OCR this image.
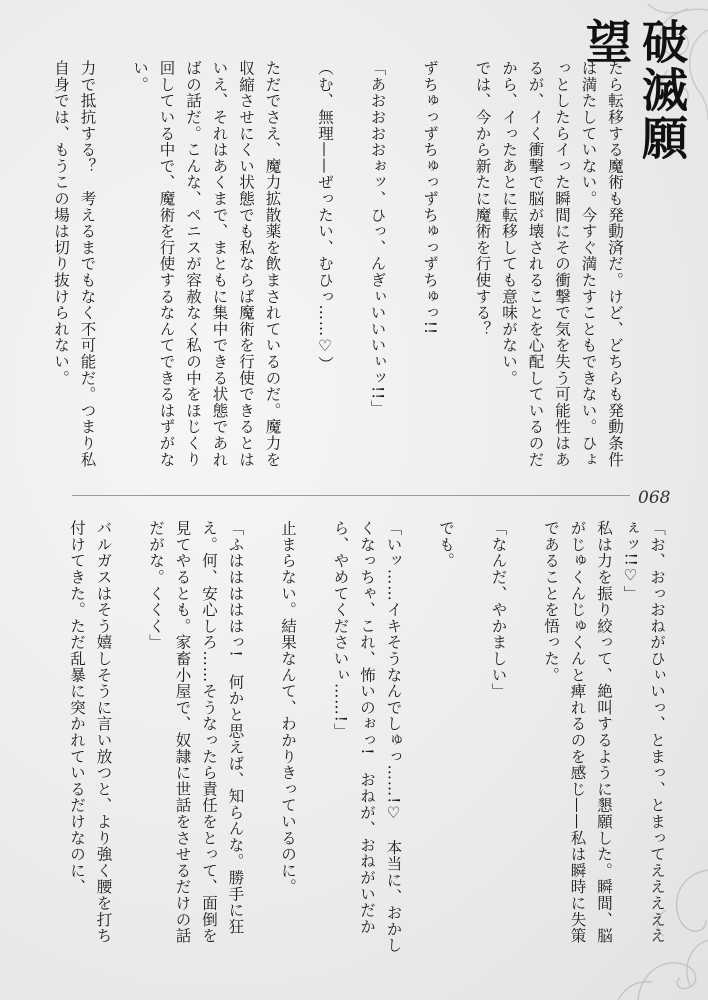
破滅願望

たら転移する魔術も発動済だ。けど、どちらも発動条件は満たしていない。今すぐ満たすこともできない。ひょっとしたらイった瞬間にその衝撃で気を失う可能性はあるが、イく衝撃で脳が壊されることを心配しているのだから、イったあとに転移しても意味がない。

では、今から新たに魔術を行使する？

ずちゅっずちゅっずちゅっずちゅっ!!

「あおおおおぉッ、ひっ、んぎぃいいいぃッ!!」

（む、無理——ぜったい、むひっ……♡）

ただでさえ、魔力拡散薬を飲まされているのだ。魔力を収縮させにくい状態でも私ならば魔術を行使できるとはいえ、それはあくまで、まともに集中できる状態であればの話だ。こんな、ペニスが容赦なく私の中をほじくり回している中で、魔術を行使するなんてできるはずがない。

力で抵抗する？　考えるまでもなく不可能だ。つまり私自身では、もうこの場は切り抜けられない。

068

「お、おっおねがひぃいっ、とまっ、とまってえええええぇッ!!♡」

私は力を振り絞って、絶叫するように懇願した。瞬間、脳がじゅくんじゅくんと痺れるのを感じ——私は瞬時に失策であることを悟った。

「なんだ、やかましい」

でも。

「いッ……イキそうなんでしゅっ……!♡　本当に、おかしくなっちゃ、これ、怖いのぉっ!　おねが、おねがいだから、やめてくださいぃ……!」

止まらない。結果なんて、わかりきっているのに。

「ふはははははっ!　何かと思えば、知らんな。勝手に狂え。何、安心しろ……そうなったら責任をとって、面倒を見てやるとも。家畜小屋で、奴隷に世話をさせるだけの話だがな。くくく」

バルガスはそう嬉しそうに言い放つと、より強く腰を打ち付けてきた。ただ乱暴に突かれているだけなのに、
